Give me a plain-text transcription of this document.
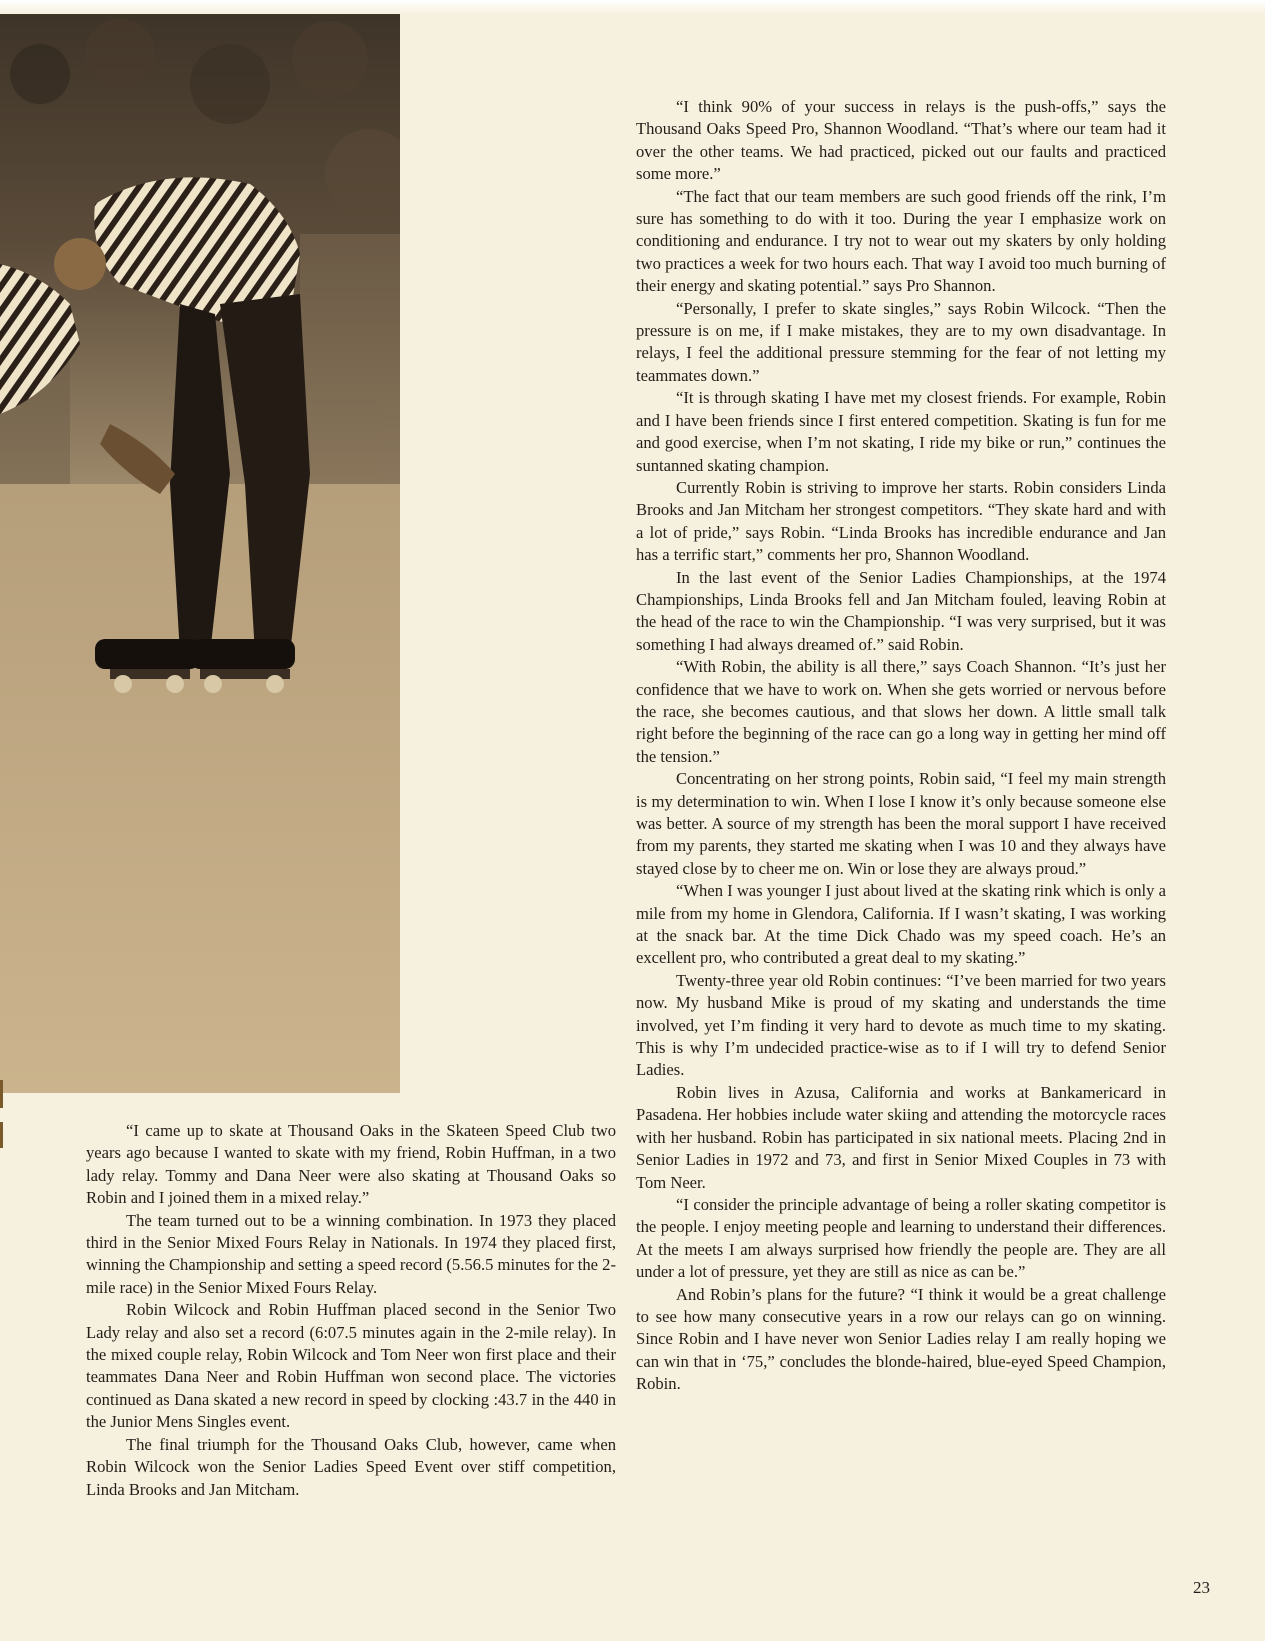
“I think 90% of your success in relays is the push-offs,” says the Thousand Oaks Speed Pro, Shannon Woodland. “That’s where our team had it over the other teams. We had practiced, picked out our faults and practiced some more.”

“The fact that our team members are such good friends off the rink, I’m sure has something to do with it too. During the year I emphasize work on conditioning and endurance. I try not to wear out my skaters by only holding two practices a week for two hours each. That way I avoid too much burning of their energy and skating potential.” says Pro Shannon.

“Personally, I prefer to skate singles,” says Robin Wilcock. “Then the pressure is on me, if I make mistakes, they are to my own disadvantage. In relays, I feel the additional pressure stemming for the fear of not letting my teammates down.”

“It is through skating I have met my closest friends. For example, Robin and I have been friends since I first entered competition. Skating is fun for me and good exercise, when I’m not skating, I ride my bike or run,” continues the suntanned skating champion.

Currently Robin is striving to improve her starts. Robin considers Linda Brooks and Jan Mitcham her strongest competitors. “They skate hard and with a lot of pride,” says Robin. “Linda Brooks has incredible endurance and Jan has a terrific start,” comments her pro, Shannon Woodland.

In the last event of the Senior Ladies Championships, at the 1974 Championships, Linda Brooks fell and Jan Mitcham fouled, leaving Robin at the head of the race to win the Championship. “I was very surprised, but it was something I had always dreamed of.” said Robin.

“With Robin, the ability is all there,” says Coach Shannon. “It’s just her confidence that we have to work on. When she gets worried or nervous before the race, she becomes cautious, and that slows her down. A little small talk right before the beginning of the race can go a long way in getting her mind off the tension.”

Concentrating on her strong points, Robin said, “I feel my main strength is my determination to win. When I lose I know it’s only because someone else was better. A source of my strength has been the moral support I have received from my parents, they started me skating when I was 10 and they always have stayed close by to cheer me on. Win or lose they are always proud.”

“When I was younger I just about lived at the skating rink which is only a mile from my home in Glendora, California. If I wasn’t skating, I was working at the snack bar. At the time Dick Chado was my speed coach. He’s an excellent pro, who contributed a great deal to my skating.”

Twenty-three year old Robin continues: “I’ve been married for two years now. My husband Mike is proud of my skating and understands the time involved, yet I’m finding it very hard to devote as much time to my skating. This is why I’m undecided practice-wise as to if I will try to defend Senior Ladies.

Robin lives in Azusa, California and works at Bankamericard in Pasadena. Her hobbies include water skiing and attending the motorcycle races with her husband. Robin has participated in six national meets. Placing 2nd in Senior Ladies in 1972 and 73, and first in Senior Mixed Couples in 73 with Tom Neer.

“I consider the principle advantage of being a roller skating competitor is the people. I enjoy meeting people and learning to understand their differences. At the meets I am always surprised how friendly the people are. They are all under a lot of pressure, yet they are still as nice as can be.”

And Robin’s plans for the future? “I think it would be a great challenge to see how many consecutive years in a row our relays can go on winning. Since Robin and I have never won Senior Ladies relay I am really hoping we can win that in ‘75,” concludes the blonde-haired, blue-eyed Speed Champion, Robin.

“I came up to skate at Thousand Oaks in the Skateen Speed Club two years ago because I wanted to skate with my friend, Robin Huffman, in a two lady relay. Tommy and Dana Neer were also skating at Thousand Oaks so Robin and I joined them in a mixed relay.”

The team turned out to be a winning combination. In 1973 they placed third in the Senior Mixed Fours Relay in Nationals. In 1974 they placed first, winning the Championship and setting a speed record (5.56.5 minutes for the 2-mile race) in the Senior Mixed Fours Relay.

Robin Wilcock and Robin Huffman placed second in the Senior Two Lady relay and also set a record (6:07.5 minutes again in the 2-mile relay). In the mixed couple relay, Robin Wilcock and Tom Neer won first place and their teammates Dana Neer and Robin Huffman won second place. The victories continued as Dana skated a new record in speed by clocking :43.7 in the 440 in the Junior Mens Singles event.

The final triumph for the Thousand Oaks Club, however, came when Robin Wilcock won the Senior Ladies Speed Event over stiff competition, Linda Brooks and Jan Mitcham.

23
